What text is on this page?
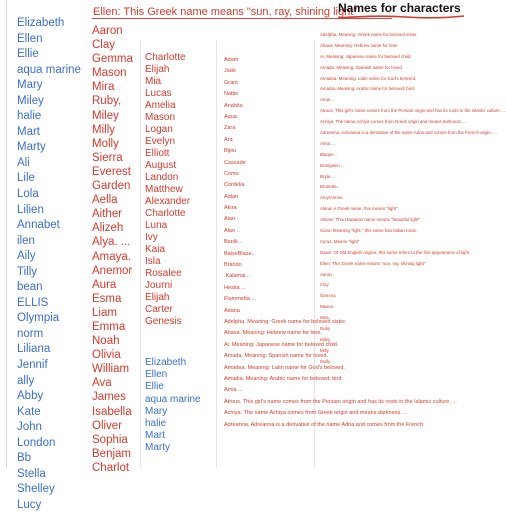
Ellen: This Greek name means "sun, ray, shining light"
Names for characters
Elizabeth
Ellen
Ellie
aqua marine
Mary
Miley
halie
Mart
Marty
Ali
Lile
Lola
Lilien
Annabet
ilen
Aily
Tilly
bean
ELLIS
Olympia
norm
Liliana
Jennif
ally
Abby
Kate
John
London
Bb
Stella
Shelley
Lucy
Aaron
Clay
Gemma
Mason
Mira
Ruby,
Miley
Milly
Molly
Sierra
Everest
Garden
Aella
Aither
Alizeh
Alya. ...
Amaya.
Anemor
Aura
Esma
Liam
Emma
Noah
Olivia
William
Ava
James
Isabella
Oliver
Sophia
Benjam
Charlot
Charlotte
Elijah
Mia
Lucas
Amelia
Mason
Logan
Evelyn
Elliott
August
Landon
Matthew
Alexander
Charlotte
Luna
Ivy
Kaia
Isla
Rosalee
Journi
Elijah
Carter
Genesis
Elizabeth
Ellen
Ellie
aqua marine
Mary
halie
Mart
Marty
Adam
Jade
Grant
Nattie
Anahita
Aqua
Zara
Ara
Bijou
Cascade
Como
Cordelia
Aidan
Akira
Alan .
Alan ..
Banik ..
BaiseBlaze..
Brando
.Kalamai...
Hestia ...
Flammetta ...
Adana
Adelpha. Meaning: Greek name for beloved sister.
Ahava. Meaning: Hebrew name for love.
Ai. Meaning: Japanese name for beloved child.
Amada. Meaning: Spanish name for loved.
Amadea. Meaning: Latin name for God's beloved.
Amadia. Meaning: Arabic name for beloved; bird.
Amia ...
Atrous. This girl's name comes from the Persian origin and has its roots in the Islamic culture. ...
Achiya. The name Achiya comes from Greek origin and means darkness. ...
Adreanna. Adreanna is a derivative of the name Adria and comes from the French
Adelpha. Meaning: Greek name for beloved sister.
Ahava. Meaning: Hebrew name for love.
Ai. Meaning: Japanese name for beloved child.
Amada. Meaning: Spanish name for loved.
Amadea. Meaning: Latin name for God's beloved.
Amadia. Meaning: Arabic name for beloved; bird.
Amia ...
Atrous. This girl's name comes from the Persian origin and has its roots in the Islamic culture. ...
Achiya. The name Achiya comes from Greek origin and means darkness. ...
Adreanna. Adreanna is a derivative of the name Adria and comes from the French origin. ...
Alma ...
Blaque ..
Brangwen ...
Bryla ...
Brunetta.
Amy/Aimee.
Alana: A Greek name, this means "light"
Alinani: This Hawaiian name means "beautiful light"
Ciara: Meaning "light," this name has Italian roots.
Cyrus: Means "light"
Dawn: Of Old English origins, this name refers to the first appearance of light.
Ellen: This Greek name means "sun, ray, shining light"
Aaron
Clay
Gemma
Mason
Mira
Ruby
Miley
Milly
Molly
